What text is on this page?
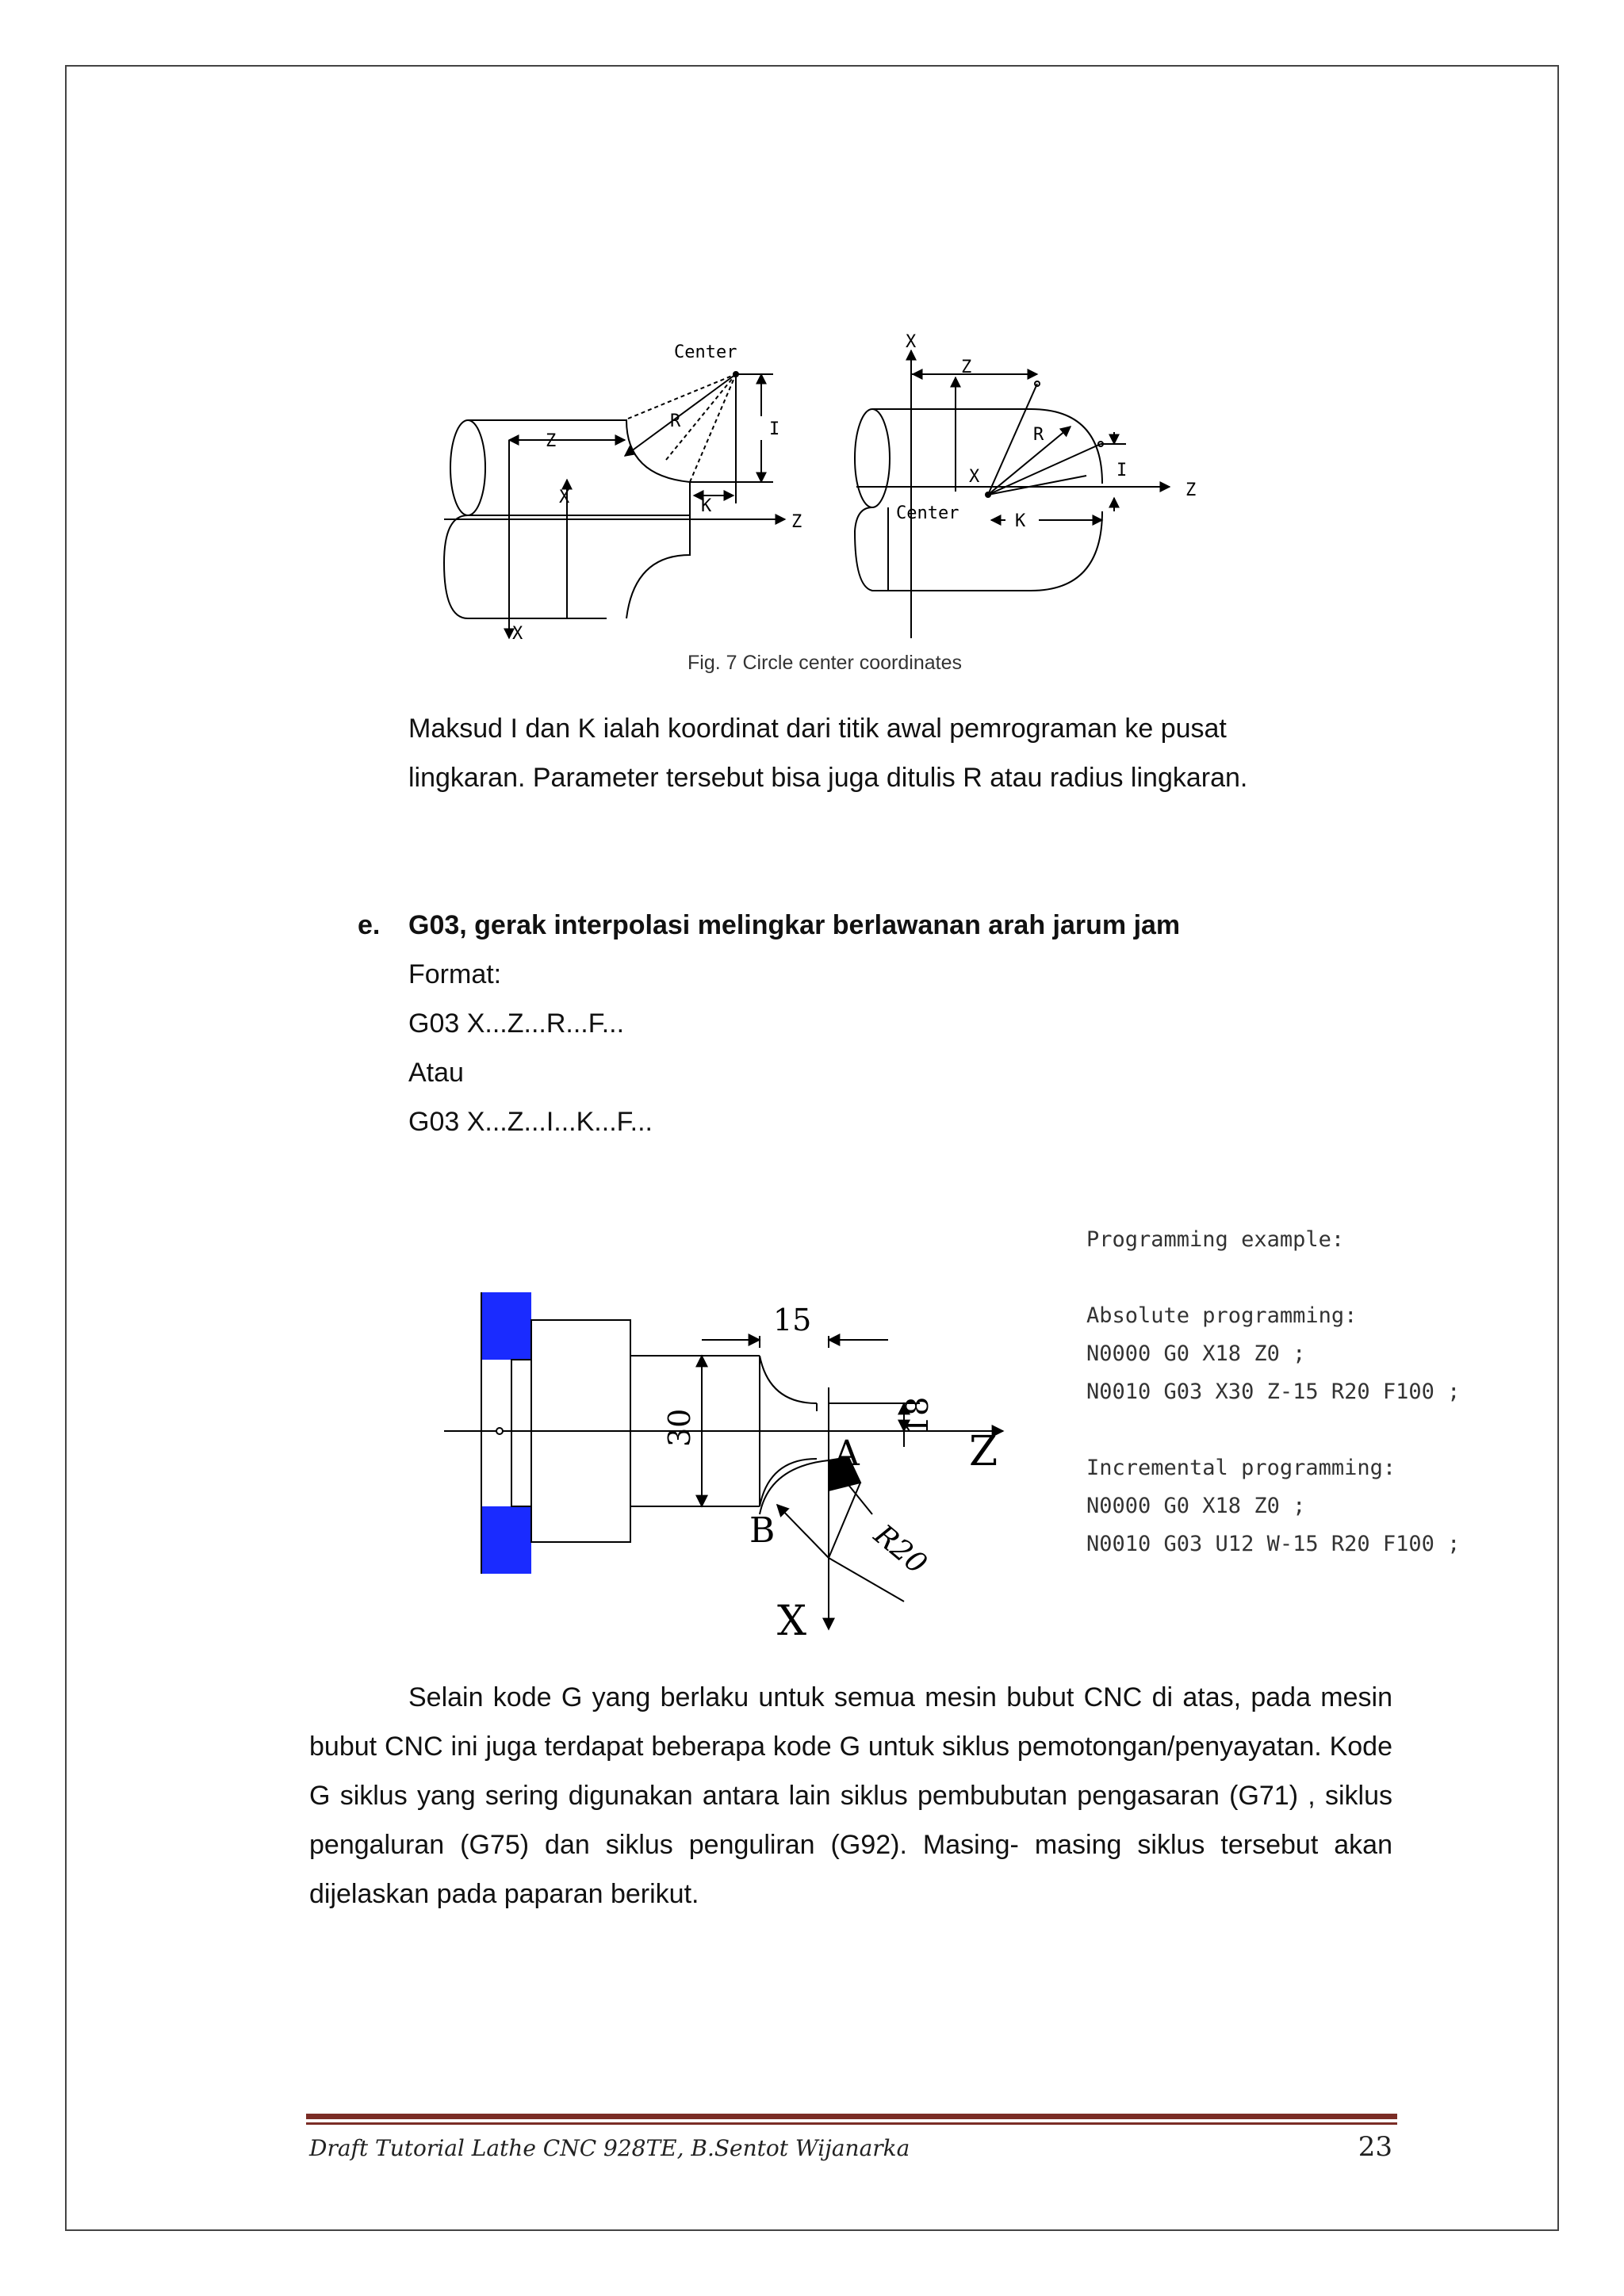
Center
Z
R	I
X	K
Z
X
X
Z
R
I
X
Center	K
Z
Fig. 7 Circle center coordinates

Maksud I dan K ialah koordinat dari titik awal pemrograman ke pusat

lingkaran. Parameter tersebut bisa juga ditulis R atau radius lingkaran.

e. G03, gerak interpolasi melingkar berlawanan arah jarum jam
Format:
G03 X...Z...R...F...
Atau
G03 X...Z...I...K...F...
15
30	18
Z
A
B	R20
X
Programming example:

Absolute programming:
N0000 G0 X18 Z0 ;
N0010 G03 X30 Z-15 R20 F100 ;

Incremental programming:
N0000 G0 X18 Z0 ;
N0010 G03 U12 W-15 R20 F100 ;

Selain kode G yang berlaku untuk semua mesin bubut CNC di atas, pada mesin bubut CNC ini juga terdapat beberapa kode G untuk siklus pemotongan/penyayatan. Kode G siklus yang sering digunakan antara lain siklus pembubutan pengasaran (G71) , siklus pengaluran (G75) dan siklus penguliran (G92). Masing- masing siklus tersebut akan dijelaskan pada paparan berikut.

Draft Tutorial Lathe CNC 928TE, B.Sentot Wijanarka	23
